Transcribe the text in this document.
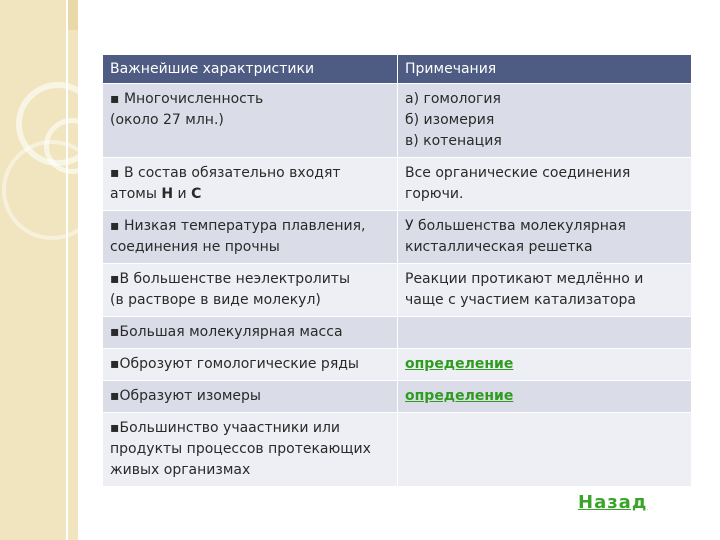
Важнейшие характристики	Примечания

▪ Многочисленность
(около 27 млн.)	а) гомология
б) изомерия
в) котенация

▪ В состав обязательно входят
атомы Н и С	Все органические соединения
горючи.

▪ Низкая температура плавления,
соединения не прочны	У большенства молекулярная
кисталлическая решетка

▪В большенстве неэлектролиты
(в растворе в виде молекул)	Реакции протикают медлённо и
чаще с участием катализатора

▪Большая молекулярная масса	

▪Оброзуют гомологические ряды	определение

▪Образуют изомеры	определение

▪Большинство учаастники или
продукты процессов протекающих
живых организмах	

Назад
